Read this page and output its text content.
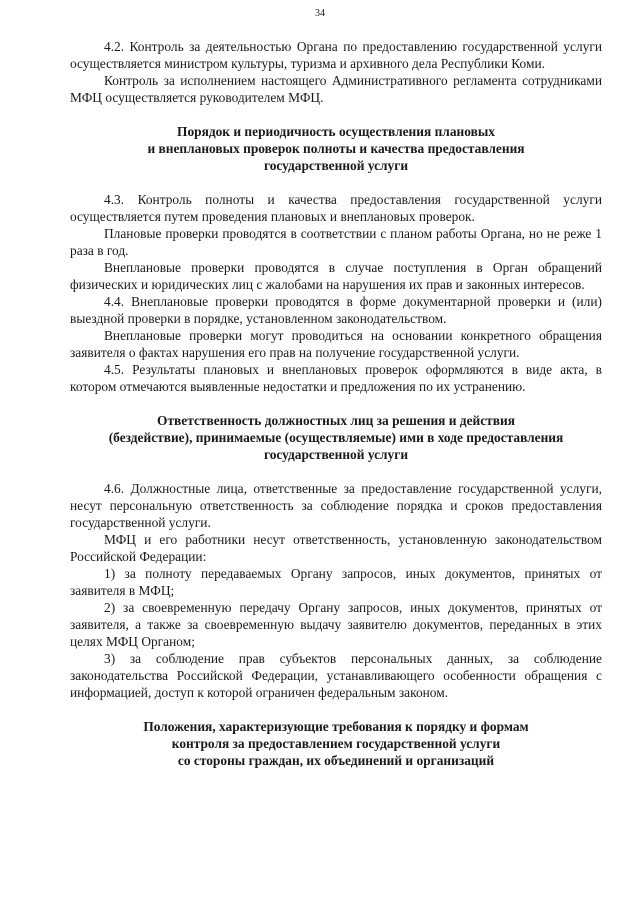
34

4.2. Контроль за деятельностью Органа по предоставлению государственной услуги осуществляется министром культуры, туризма и архивного дела Республики Коми.

Контроль за исполнением настоящего Административного регламента сотрудниками МФЦ осуществляется руководителем МФЦ.

Порядок и периодичность осуществления плановых
и внеплановых проверок полноты и качества предоставления
государственной услуги

4.3. Контроль полноты и качества предоставления государственной услуги осуществляется путем проведения плановых и внеплановых проверок.

Плановые проверки проводятся в соответствии с планом работы Органа, но не реже 1 раза в год.

Внеплановые проверки проводятся в случае поступления в Орган обращений физических и юридических лиц с жалобами на нарушения их прав и законных интересов.

4.4. Внеплановые проверки проводятся в форме документарной проверки и (или) выездной проверки в порядке, установленном законодательством.

Внеплановые проверки могут проводиться на основании конкретного обращения заявителя о фактах нарушения его прав на получение государственной услуги.

4.5. Результаты плановых и внеплановых проверок оформляются в виде акта, в котором отмечаются выявленные недостатки и предложения по их устранению.

Ответственность должностных лиц за решения и действия
(бездействие), принимаемые (осуществляемые) ими в ходе предоставления
государственной услуги

4.6. Должностные лица, ответственные за предоставление государственной услуги, несут персональную ответственность за соблюдение порядка и сроков предоставления государственной услуги.

МФЦ и его работники несут ответственность, установленную законодательством Российской Федерации:

1) за полноту передаваемых Органу запросов, иных документов, принятых от заявителя в МФЦ;

2) за своевременную передачу Органу запросов, иных документов, принятых от заявителя, а также за своевременную выдачу заявителю документов, переданных в этих целях МФЦ Органом;

3) за соблюдение прав субъектов персональных данных, за соблюдение законодательства Российской Федерации, устанавливающего особенности обращения с информацией, доступ к которой ограничен федеральным законом.

Положения, характеризующие требования к порядку и формам
контроля за предоставлением государственной услуги
со стороны граждан, их объединений и организаций
